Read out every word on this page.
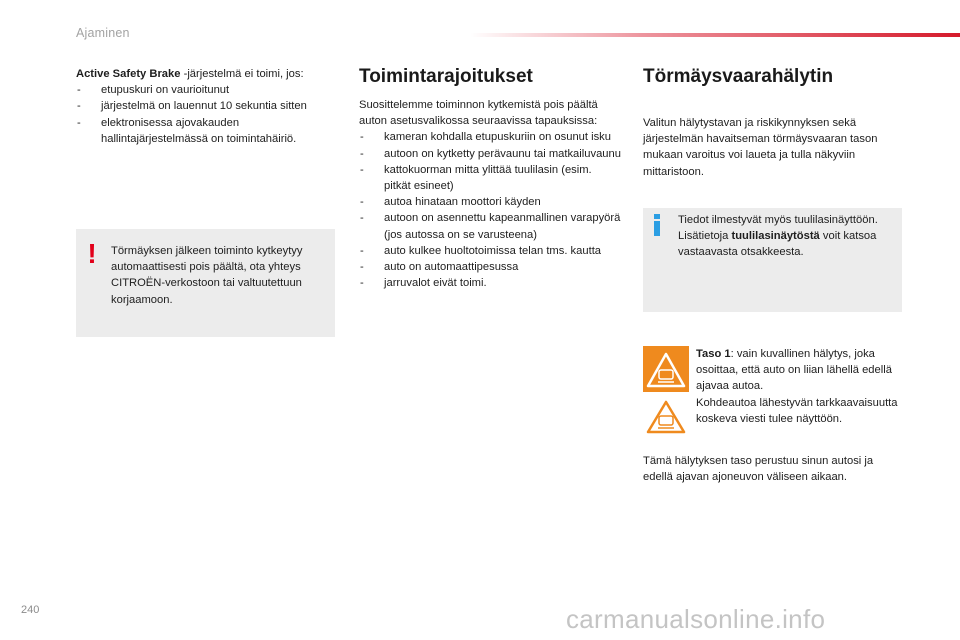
Ajaminen

Active Safety Brake -järjestelmä ei toimi, jos:

- etupuskuri on vaurioitunut
- järjestelmä on lauennut 10 sekuntia sitten
- elektronisessa ajovakauden hallintajärjestelmässä on toimintahäiriö.
! Törmäyksen jälkeen toiminto kytkeytyy automaattisesti pois päältä, ota yhteys CITROËN-verkostoon tai valtuutettuun korjaamoon.
Toimintarajoitukset

Suosittelemme toiminnon kytkemistä pois päältä auton asetusvalikossa seuraavissa tapauksissa:

- kameran kohdalla etupuskuriin on osunut isku
- autoon on kytketty perävaunu tai matkailuvaunu
- kattokuorman mitta ylittää tuulilasin (esim. pitkät esineet)
- autoa hinataan moottori käyden
- autoon on asennettu kapeanmallinen varapyörä (jos autossa on se varusteena)
- auto kulkee huoltotoimissa telan tms. kautta
- auto on automaattipesussa
- jarruvalot eivät toimi.
Törmäysvaarahälytin

Valitun hälytystavan ja riskikynnyksen sekä järjestelmän havaitseman törmäysvaaran tason mukaan varoitus voi laueta ja tulla näkyviin mittaristoon.

Tiedot ilmestyvät myös tuulilasinäyttöön.
Lisätietoja tuulilasinäytöstä voit katsoa vastaavasta otsakkeesta.
Taso 1: vain kuvallinen hälytys, joka osoittaa, että auto on liian lähellä edellä ajavaa autoa.
Kohdeautoa lähestyvän tarkkaavaisuutta koskeva viesti tulee näyttöön.
Tämä hälytyksen taso perustuu sinun autosi ja edellä ajavan ajoneuvon väliseen aikaan.
240	carmanualsonline.info
